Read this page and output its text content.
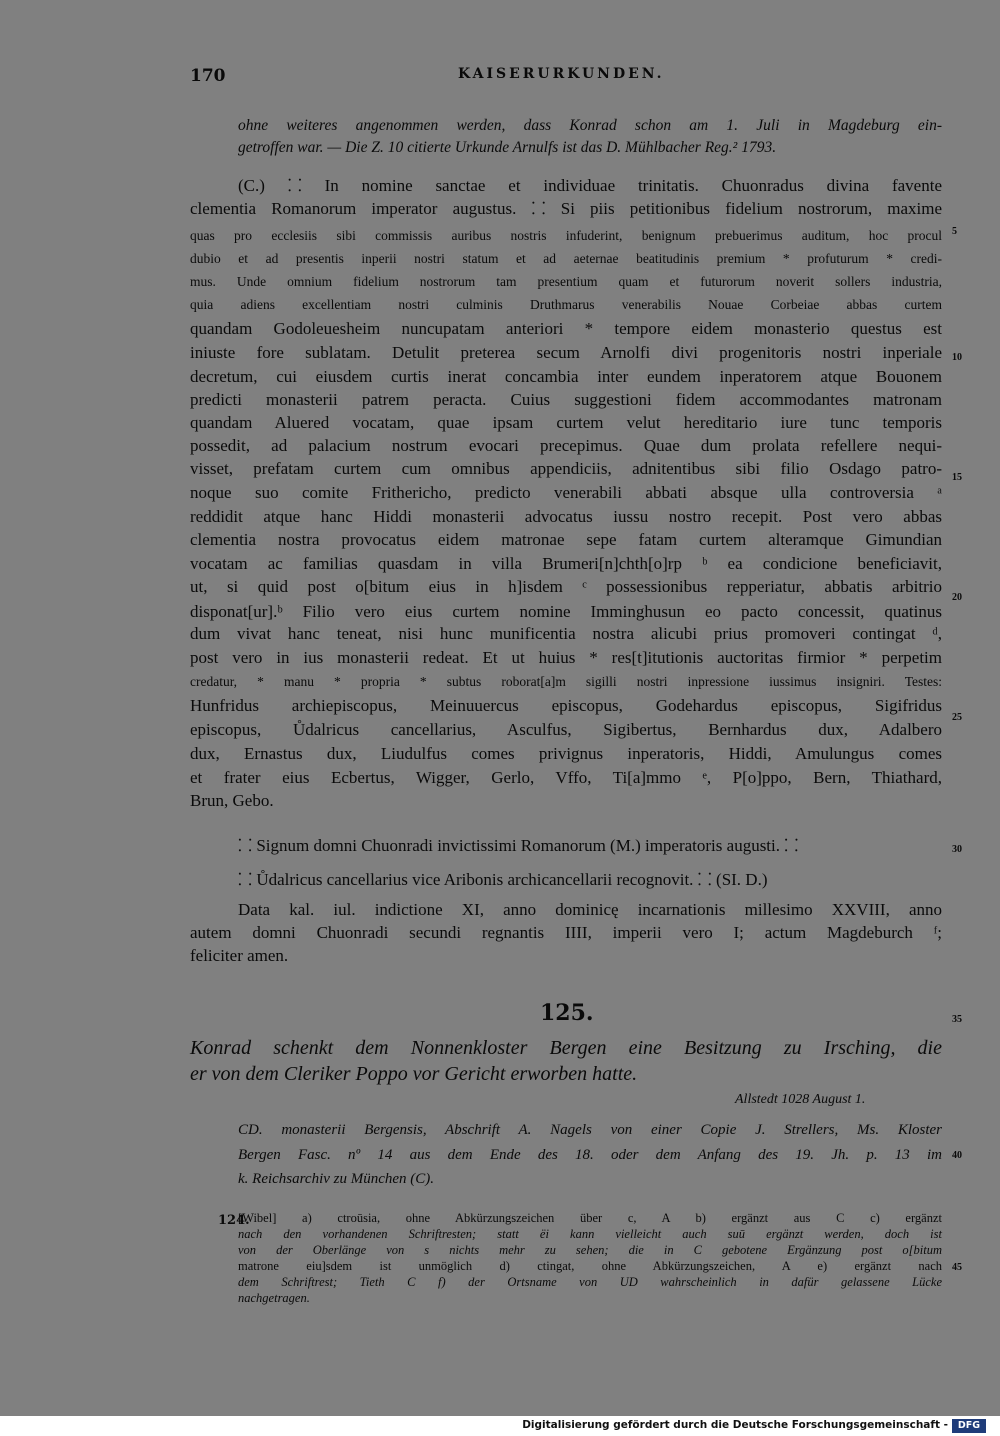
170	KAISERURKUNDEN.
ohne weiteres angenommen werden, dass Konrad schon am 1. Juli in Magdeburg ein-
getroffen war. — Die Z. 10 citierte Urkunde Arnulfs ist das D. Mühlbacher Reg.² 1793.
(C.) ⸬ In nomine sanctae et individuae trinitatis. Chuonradus divina favente
clementia Romanorum imperator augustus. ⸬ Si piis petitionibus fidelium nostrorum, maxime
quas pro ecclesiis sibi commissis auribus nostris infuderint, benignum prebuerimus auditum, hoc procul
dubio et ad presentis inperii nostri statum et ad aeternae beatitudinis premium * profuturum * credi-
mus. Unde omnium fidelium nostrorum tam presentium quam et futurorum noverit sollers industria,
quia adiens excellentiam nostri culminis Druthmarus venerabilis Nouae Corbeiae abbas curtem
quandam Godoleuesheim nuncupatam anteriori * tempore eidem monasterio questus est
iniuste fore sublatam. Detulit preterea secum Arnolfi divi progenitoris nostri inperiale
decretum, cui eiusdem curtis inerat concambia inter eundem inperatorem atque Bouonem
predicti monasterii patrem peracta. Cuius suggestioni fidem accommodantes matronam
quandam Aluered vocatam, quae ipsam curtem velut hereditario iure tunc temporis
possedit, ad palacium nostrum evocari precepimus. Quae dum prolata refellere nequi-
visset, prefatam curtem cum omnibus appendiciis, adnitentibus sibi filio Osdago patro-
noque suo comite Frithericho, predicto venerabili abbati absque ulla controversia ᵃ
reddidit atque hanc Hiddi monasterii advocatus iussu nostro recepit. Post vero abbas
clementia nostra provocatus eidem matronae sepe fatam curtem alteramque Gimundian
vocatam ac familias quasdam in villa Brumeri[n]chth[o]rp ᵇ ea condicione beneficiavit,
ut, si quid post o[bitum eius in h]isdem ᶜ possessionibus repperiatur, abbatis arbitrio
disponat[ur].ᵇ Filio vero eius curtem nomine Imminghusun eo pacto concessit, quatinus
dum vivat hanc teneat, nisi hunc munificentia nostra alicubi prius promoveri contingat ᵈ,
post vero in ius monasterii redeat. Et ut huius * res[t]itutionis auctoritas firmior * perpetim
credatur, * manu * propria * subtus roborat[a]m sigilli nostri inpressione iussimus insigniri. Testes:
Hunfridus archiepiscopus, Meinuuercus episcopus, Godehardus episcopus, Sigifridus
episcopus, Ůdalricus cancellarius, Asculfus, Sigibertus, Bernhardus dux, Adalbero
dux, Ernastus dux, Liudulfus comes privignus inperatoris, Hiddi, Amulungus comes
et frater eius Ecbertus, Wigger, Gerlo, Vffo, Ti[a]mmo ᵉ, P[o]ppo, Bern, Thiathard,
Brun, Gebo.
⸬ Signum domni Chuonradi invictissimi Romanorum (M.) imperatoris augusti. ⸬
⸬ Ůdalricus cancellarius vice Aribonis archicancellarii recognovit. ⸬ (SI. D.)
Data kal. iul. indictione XI, anno dominicę incarnationis millesimo XXVIII, anno
autem domni Chuonradi secundi regnantis IIII, imperii vero I; actum Magdeburch ᶠ;
feliciter amen.
5
10
15
20
25
30
125.	35
Konrad schenkt dem Nonnenkloster Bergen eine Besitzung zu Irsching, die
er von dem Cleriker Poppo vor Gericht erworben hatte.
Allstedt 1028 August 1.
CD. monasterii Bergensis, Abschrift A. Nagels von einer Copie J. Strellers, Ms. Kloster
Bergen Fasc. nº 14 aus dem Ende des 18. oder dem Anfang des 19. Jh. p. 13 im
k. Reichsarchiv zu München (C).
40
124.
[Wibel] a) ctroūsia, ohne Abkürzungszeichen über c, A b) ergänzt aus C c) ergänzt
nach den vorhandenen Schriftresten; statt ëi kann vielleicht auch suū ergänzt werden, doch ist
von der Oberlänge von s nichts mehr zu sehen; die in C gebotene Ergänzung post o[bitum
matrone eiu]sdem ist unmöglich d) ctingat, ohne Abkürzungszeichen, A e) ergänzt nach
dem Schriftrest; Tieth C f) der Ortsname von UD wahrscheinlich in dafür gelassene Lücke
nachgetragen.
45
Digitalisierung gefördert durch die Deutsche Forschungsgemeinschaft -	DFG
